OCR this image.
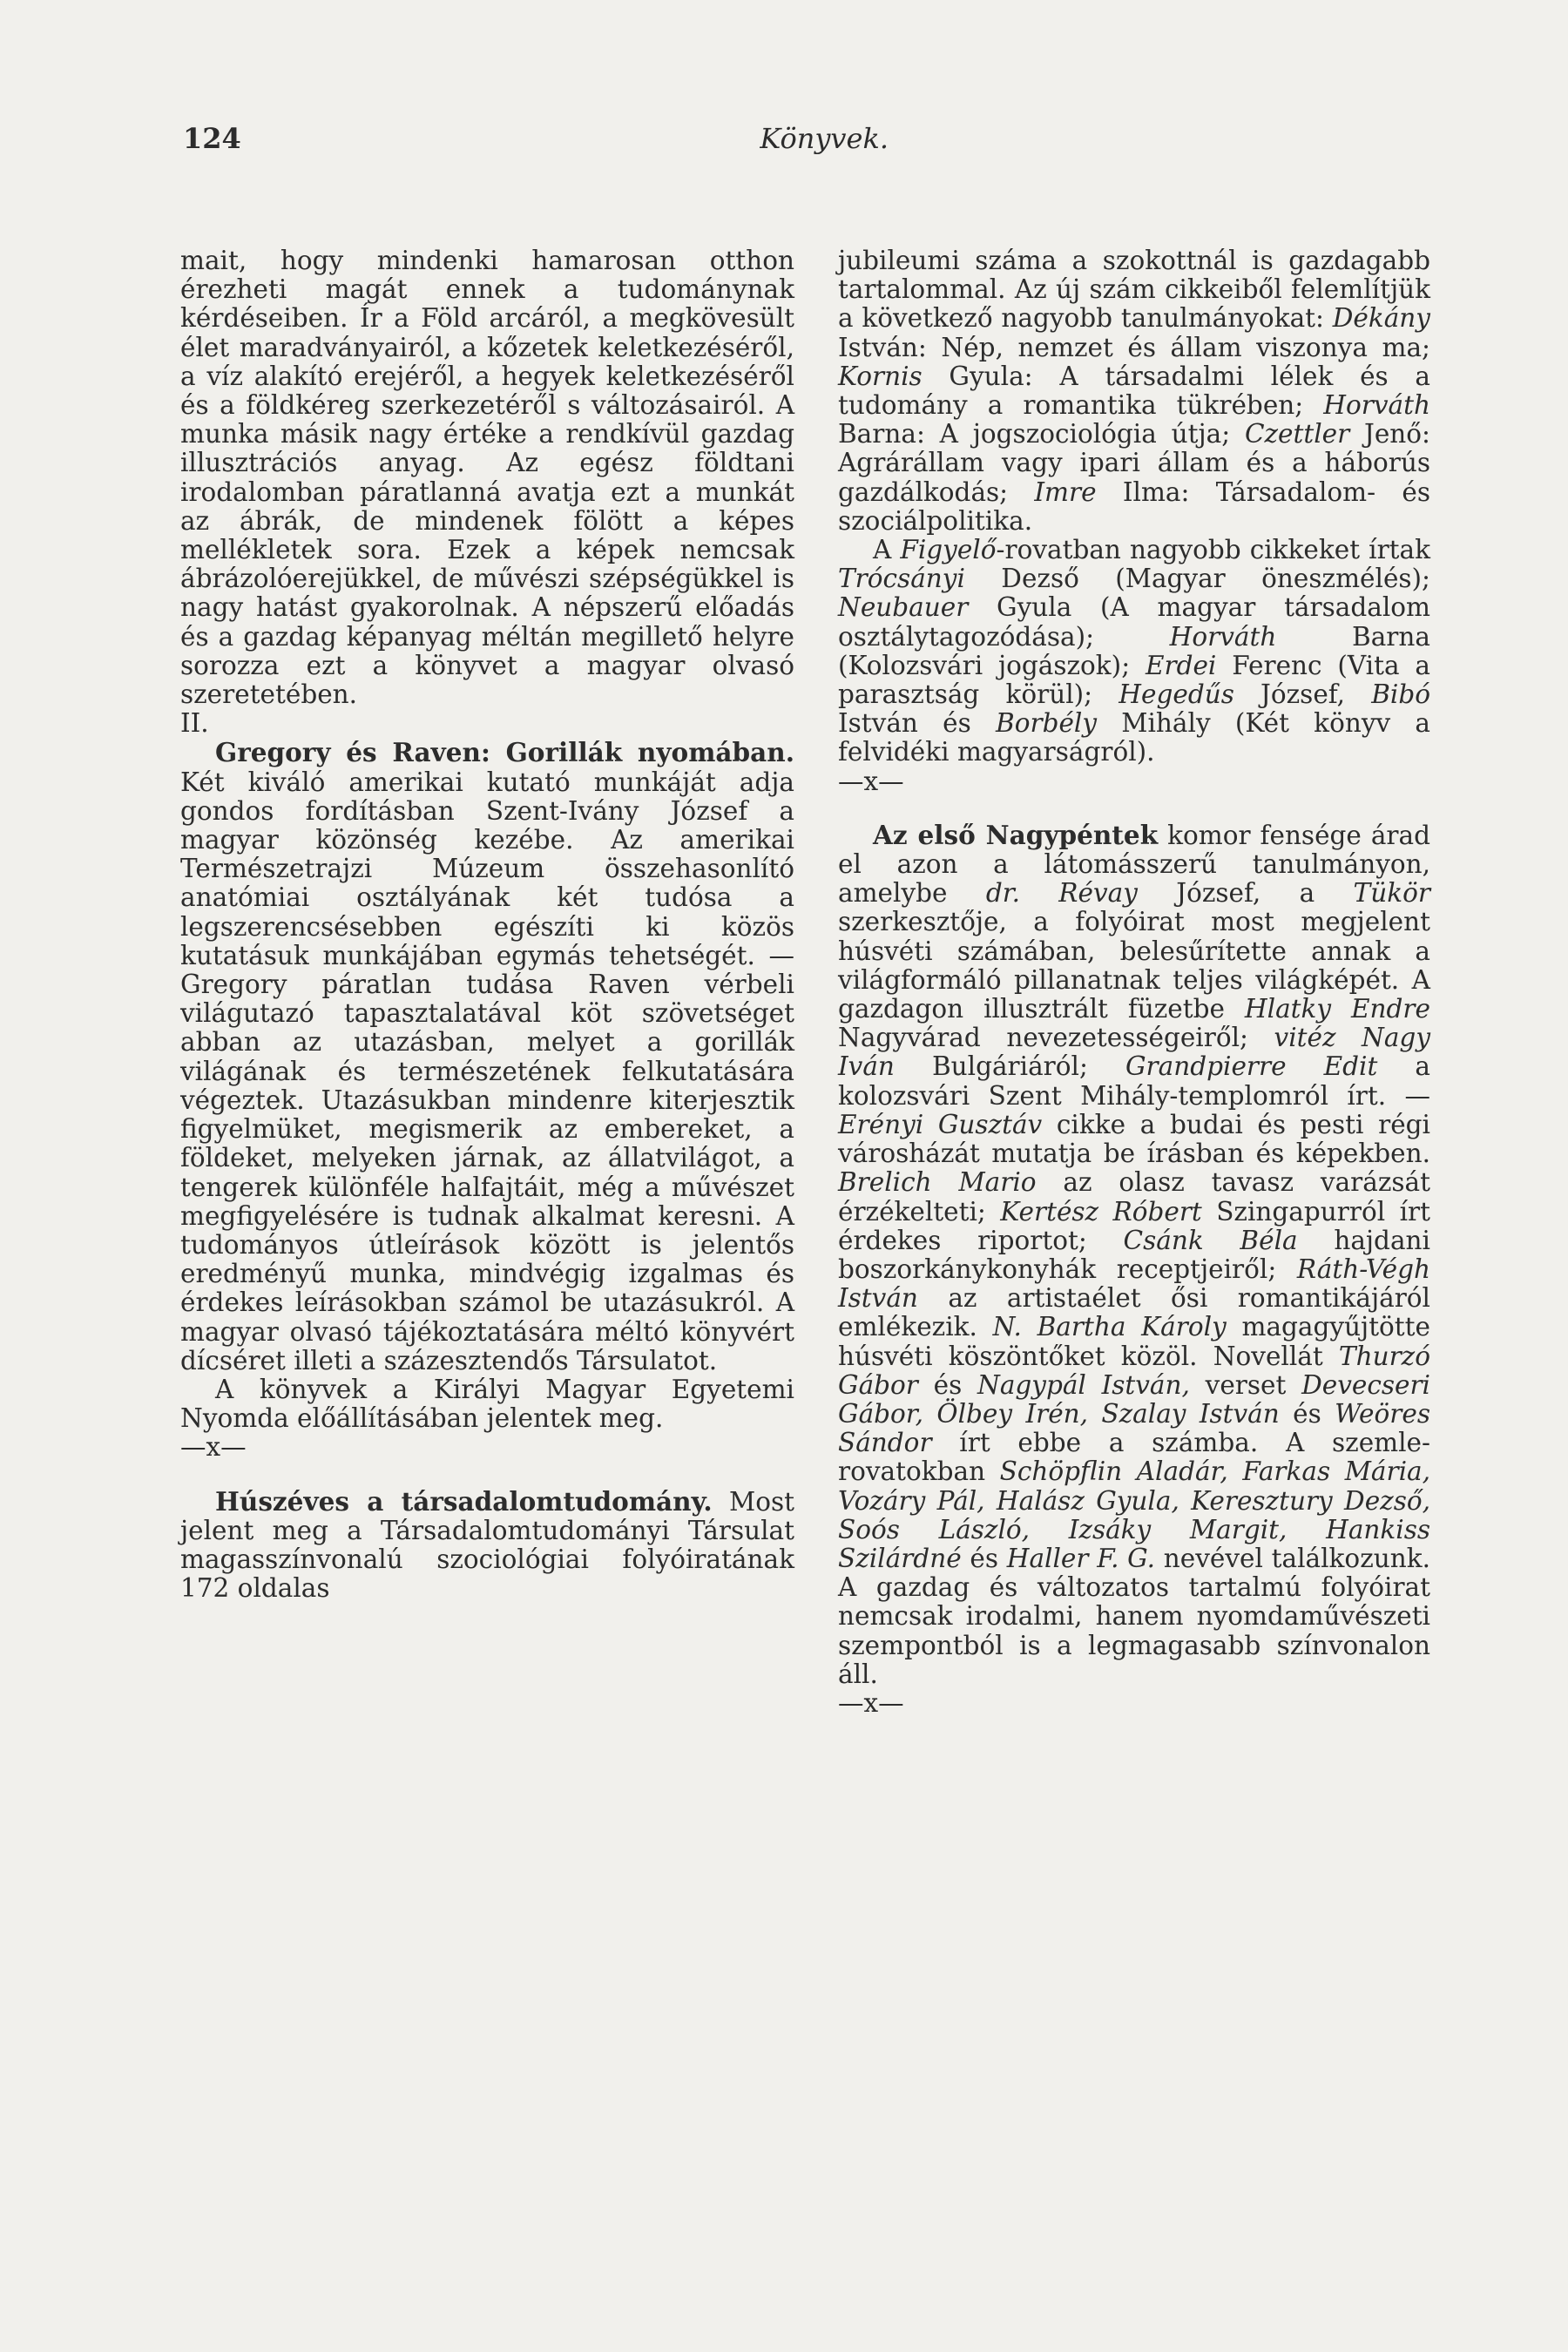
124	Könyvek.

mait, hogy mindenki hamarosan otthon érezheti magát ennek a tudománynak kérdéseiben. Ír a Föld arcáról, a megkövesült élet maradványairól, a kőzetek keletkezéséről, a víz alakító erejéről, a hegyek keletkezéséről és a földkéreg szerkezetéről s változásairól. A munka másik nagy értéke a rendkívül gazdag illusztrációs anyag. Az egész földtani irodalomban páratlanná avatja ezt a munkát az ábrák, de mindenek fölött a képes mellékletek sora. Ezek a képek nemcsak ábrázolóerejükkel, de művészi szépségükkel is nagy hatást gyakorolnak. A népszerű előadás és a gazdag képanyag méltán megillető helyre sorozza ezt a könyvet a magyar olvasó szeretetében.

II.

Gregory és Raven: Gorillák nyomában. Két kiváló amerikai kutató munkáját adja gondos fordításban Szent-Ivány József a magyar közönség kezébe. Az amerikai Természetrajzi Múzeum összehasonlító anatómiai osztályának két tudósa a legszerencsésebben egészíti ki közös kutatásuk munkájában egymás tehetségét. — Gregory páratlan tudása Raven vérbeli világutazó tapasztalatával köt szövetséget abban az utazásban, melyet a gorillák világának és természetének felkutatására végeztek. Utazásukban mindenre kiterjesztik figyelmüket, megismerik az embereket, a földeket, melyeken járnak, az állatvilágot, a tengerek különféle halfajtáit, még a művészet megfigyelésére is tudnak alkalmat keresni. A tudományos útleírások között is jelentős eredményű munka, mindvégig izgalmas és érdekes leírásokban számol be utazásukról. A magyar olvasó tájékoztatására méltó könyvért dícséret illeti a százesztendős Társulatot.

A könyvek a Királyi Magyar Egyetemi Nyomda előállításában jelentek meg.

—x—

Húszéves a társadalomtudomány. Most jelent meg a Társadalomtudományi Társulat magasszínvonalú szociológiai folyóiratának 172 oldalas

jubileumi száma a szokottnál is gazdagabb tartalommal. Az új szám cikkeiből felemlítjük a következő nagyobb tanulmányokat: Dékány István: Nép, nemzet és állam viszonya ma; Kornis Gyula: A társadalmi lélek és a tudomány a romantika tükrében; Horváth Barna: A jogszociológia útja; Czettler Jenő: Agrárállam vagy ipari állam és a háborús gazdálkodás; Imre Ilma: Társadalom- és szociálpolitika.

A Figyelő-rovatban nagyobb cikkeket írtak Trócsányi Dezső (Magyar öneszmélés); Neubauer Gyula (A magyar társadalom osztálytagozódása);	Horváth	Barna (Kolozsvári jogászok); Erdei Ferenc (Vita a parasztság körül); Hegedűs József, Bibó István és Borbély Mihály (Két könyv a felvidéki magyarságról).

—x—

Az első Nagypéntek komor fensége árad el azon a látomásszerű tanulmányon, amelybe dr. Révay József, a Tükör szerkesztője, a folyóirat most megjelent húsvéti számában, belesűrítette annak a világformáló pillanatnak teljes világképét. A gazdagon illusztrált füzetbe Hlatky Endre Nagyvárad nevezetességeiről; vitéz Nagy Iván Bulgáriáról; Grandpierre Edit a kolozsvári Szent Mihály-templomról írt. — Erényi Gusztáv cikke a budai és pesti régi városházát mutatja be írásban és képekben. Brelich Mario az olasz tavasz varázsát érzékelteti; Kertész Róbert Szingapurról írt érdekes riportot; Csánk Béla hajdani boszorkánykonyhák receptjeiről; Ráth-Végh István az artistaélet ősi romantikájáról emlékezik. N. Bartha Károly magagyűjtötte húsvéti köszöntőket közöl. Novellát Thurzó Gábor és Nagypál István, verset Devecseri Gábor, Ölbey Irén, Szalay István és Weöres Sándor írt ebbe a számba. A szemle-rovatokban Schöpflin Aladár, Farkas Mária, Vozáry Pál, Halász Gyula, Keresztury Dezső, Soós László, Izsáky Margit, Hankiss Szilárdné és Haller F. G. nevével találkozunk. A gazdag és változatos tartalmú folyóirat nemcsak irodalmi, hanem nyomdaművészeti szempontból is a legmagasabb színvonalon áll.

—x—
